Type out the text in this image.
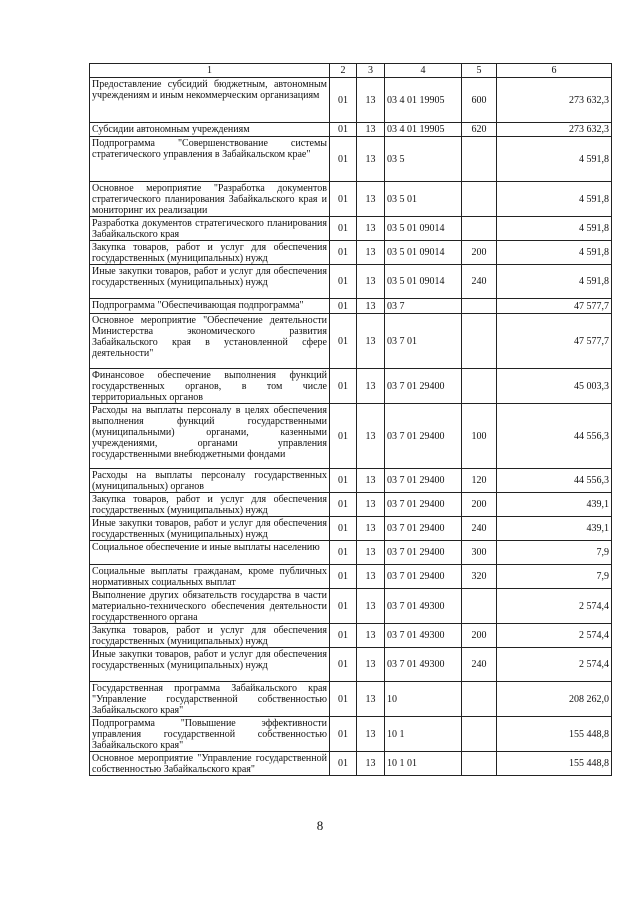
1	2	3	4	5	6
Предоставление субсидий бюджетным, автономным учреждениям и иным некоммерческим организациям	01	13	03 4 01 19905	600	273 632,3
Субсидии автономным учреждениям	01	13	03 4 01 19905	620	273 632,3
Подпрограмма "Совершенствование системы стратегического управления в Забайкальском крае"	01	13	03 5		4 591,8
Основное мероприятие "Разработка документов стратегического планирования Забайкальского края и мониторинг их реализации	01	13	03 5 01		4 591,8
Разработка документов стратегического планирования Забайкальского края	01	13	03 5 01 09014		4 591,8
Закупка товаров, работ и услуг для обеспечения государственных (муниципальных) нужд	01	13	03 5 01 09014	200	4 591,8
Иные закупки товаров, работ и услуг для обеспечения государственных (муниципальных) нужд	01	13	03 5 01 09014	240	4 591,8
Подпрограмма "Обеспечивающая подпрограмма"	01	13	03 7		47 577,7
Основное мероприятие "Обеспечение деятельности Министерства экономического развития Забайкальского края в установленной сфере деятельности"	01	13	03 7 01		47 577,7
Финансовое обеспечение выполнения функций государственных органов, в том числе территориальных органов	01	13	03 7 01 29400		45 003,3
Расходы на выплаты персоналу в целях обеспечения выполнения функций государственными (муниципальными) органами, казенными учреждениями, органами управления государственными внебюджетными фондами	01	13	03 7 01 29400	100	44 556,3
Расходы на выплаты персоналу государственных (муниципальных) органов	01	13	03 7 01 29400	120	44 556,3
Закупка товаров, работ и услуг для обеспечения государственных (муниципальных) нужд	01	13	03 7 01 29400	200	439,1
Иные закупки товаров, работ и услуг для обеспечения государственных (муниципальных) нужд	01	13	03 7 01 29400	240	439,1
Социальное обеспечение и иные выплаты населению	01	13	03 7 01 29400	300	7,9
Социальные выплаты гражданам, кроме публичных нормативных социальных выплат	01	13	03 7 01 29400	320	7,9
Выполнение других обязательств государства в части материально-технического обеспечения деятельности государственного органа	01	13	03 7 01 49300		2 574,4
Закупка товаров, работ и услуг для обеспечения государственных (муниципальных) нужд	01	13	03 7 01 49300	200	2 574,4
Иные закупки товаров, работ и услуг для обеспечения государственных (муниципальных) нужд	01	13	03 7 01 49300	240	2 574,4
Государственная программа Забайкальского края "Управление государственной собственностью Забайкальского края"	01	13	10		208 262,0
Подпрограмма "Повышение эффективности управления государственной собственностью Забайкальского края"	01	13	10 1		155 448,8
Основное мероприятие "Управление государственной собственностью Забайкальского края"	01	13	10 1 01		155 448,8
8
